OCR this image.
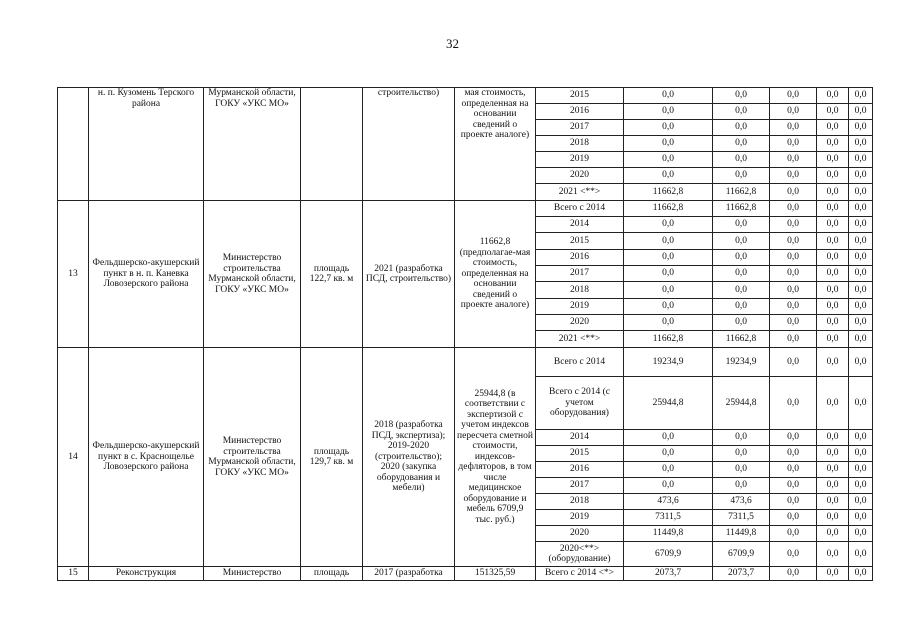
32
	н. п. Кузомень Терского района	Мурманской области, ГОКУ «УКС МО»		строительство)	мая стоимость, определенная на основании сведений о проекте аналоге)	2015	0,0	0,0	0,0	0,0	0,0
						2016	0,0	0,0	0,0	0,0	0,0
						2017	0,0	0,0	0,0	0,0	0,0
						2018	0,0	0,0	0,0	0,0	0,0
						2019	0,0	0,0	0,0	0,0	0,0
						2020	0,0	0,0	0,0	0,0	0,0
						2021 <**>	11662,8	11662,8	0,0	0,0	0,0
13	Фельдшерско-акушерский пункт в н. п. Каневка Ловозерского района	Министерство строительства Мурманской области, ГОКУ «УКС МО»	площадь 122,7 кв. м	2021 (разработка ПСД, строительство)	11662,8 (предполагае-мая стоимость, определенная на основании сведений о проекте аналоге)	Всего с 2014	11662,8	11662,8	0,0	0,0	0,0
						2014	0,0	0,0	0,0	0,0	0,0
						2015	0,0	0,0	0,0	0,0	0,0
						2016	0,0	0,0	0,0	0,0	0,0
						2017	0,0	0,0	0,0	0,0	0,0
						2018	0,0	0,0	0,0	0,0	0,0
						2019	0,0	0,0	0,0	0,0	0,0
						2020	0,0	0,0	0,0	0,0	0,0
						2021 <**>	11662,8	11662,8	0,0	0,0	0,0
14	Фельдшерско-акушерский пункт в с. Краснощелье Ловозерского района	Министерство строительства Мурманской области, ГОКУ «УКС МО»	площадь 129,7 кв. м	2018 (разработка ПСД, экспертиза); 2019-2020 (строительство); 2020 (закупка оборудования и мебели)	25944,8 (в соответствии с экспертизой с учетом индексов пересчета сметной стоимости, индексов-дефляторов, в том числе медицинское оборудование и мебель 6709,9 тыс. руб.)	Всего с 2014	19234,9	19234,9	0,0	0,0	0,0
						Всего с 2014 (с учетом оборудования)	25944,8	25944,8	0,0	0,0	0,0
						2014	0,0	0,0	0,0	0,0	0,0
						2015	0,0	0,0	0,0	0,0	0,0
						2016	0,0	0,0	0,0	0,0	0,0
						2017	0,0	0,0	0,0	0,0	0,0
						2018	473,6	473,6	0,0	0,0	0,0
						2019	7311,5	7311,5	0,0	0,0	0,0
						2020	11449,8	11449,8	0,0	0,0	0,0
						2020<**> (оборудование)	6709,9	6709,9	0,0	0,0	0,0
15	Реконструкция	Министерство	площадь	2017 (разработка	151325,59	Всего с 2014 <*>	2073,7	2073,7	0,0	0,0	0,0
